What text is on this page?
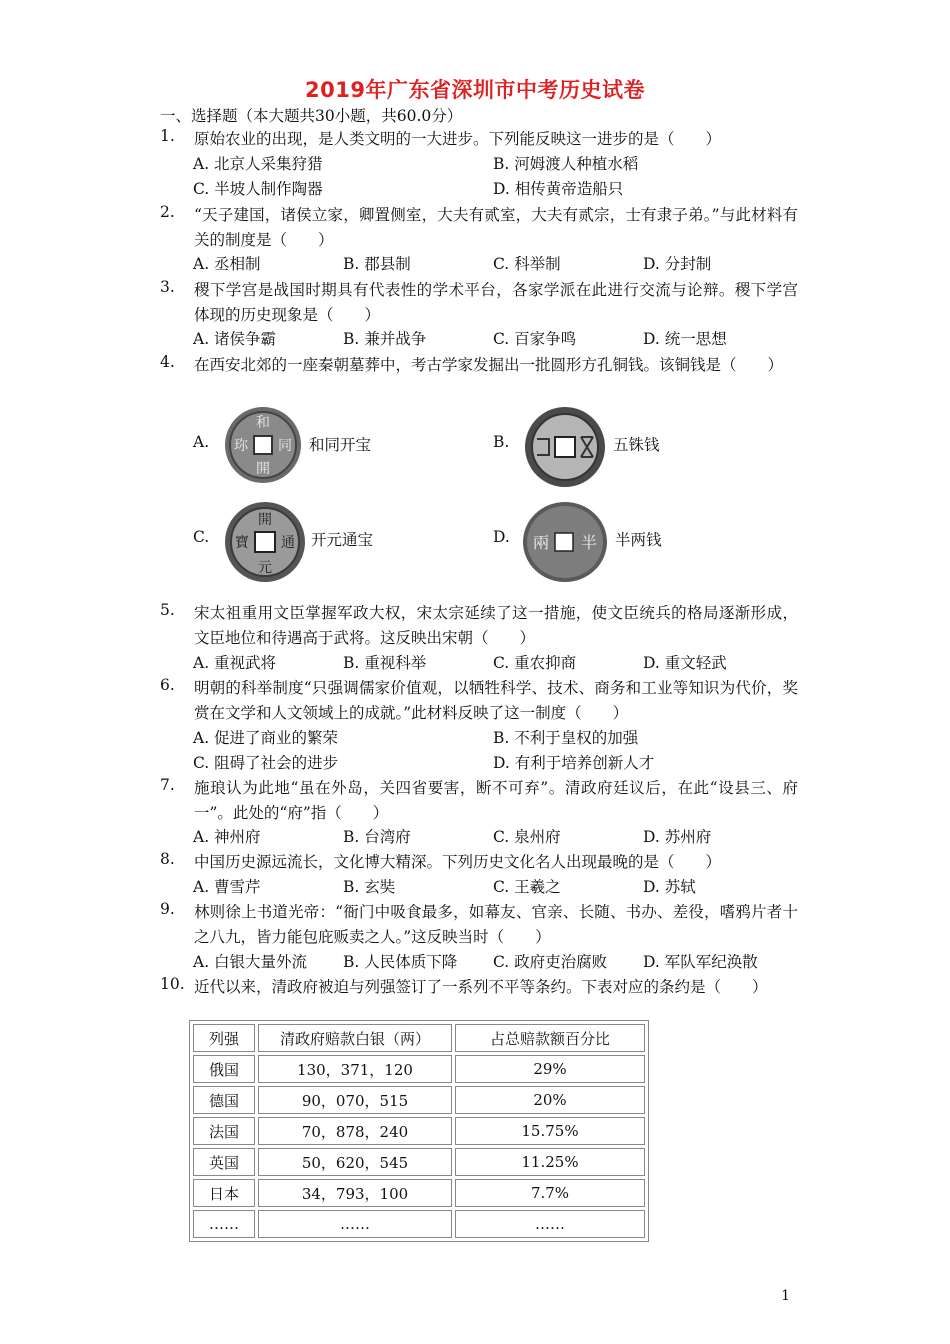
2019年广东省深圳市中考历史试卷
一、选择题（本大题共30小题，共60.0分）
1. 原始农业的出现，是人类文明的一大进步。下列能反映这一进步的是（　　）
A. 北京人采集狩猎	B. 河姆渡人种植水稻
C. 半坡人制作陶器	D. 相传黄帝造船只
2. “天子建国，诸侯立家，卿置侧室，大夫有贰室，大夫有贰宗，士有隶子弟。”与此材料有关的制度是（　　）
A. 丞相制	B. 郡县制	C. 科举制	D. 分封制
3. 稷下学宫是战国时期具有代表性的学术平台，各家学派在此进行交流与论辩。稷下学宫体现的历史现象是（　　）
A. 诸侯争霸	B. 兼并战争	C. 百家争鸣	D. 统一思想
4. 在西安北郊的一座秦朝墓葬中，考古学家发掘出一批圆形方孔铜钱。该铜钱是（　　）
A.
和
開
珎 同 和同开宝	B.	五铢钱
C.
開
元
寶 通 开元通宝	D. 兩 半 半两钱
5. 宋太祖重用文臣掌握军政大权，宋太宗延续了这一措施，使文臣统兵的格局逐渐形成，文臣地位和待遇高于武将。这反映出宋朝（　　）
A. 重视武将	B. 重视科举	C. 重农抑商	D. 重文轻武
6. 明朝的科举制度“只强调儒家价值观，以牺牲科学、技术、商务和工业等知识为代价，奖赏在文学和人文领域上的成就。”此材料反映了这一制度（　　）
A. 促进了商业的繁荣	B. 不利于皇权的加强
C. 阻碍了社会的进步	D. 有利于培养创新人才
7. 施琅认为此地“虽在外岛，关四省要害，断不可弃”。清政府廷议后，在此“设县三、府一”。此处的“府”指（　　）
A. 神州府	B. 台湾府	C. 泉州府	D. 苏州府
8. 中国历史源远流长，文化博大精深。下列历史文化名人出现最晚的是（　　）
A. 曹雪芹	B. 玄奘	C. 王羲之	D. 苏轼
9. 林则徐上书道光帝：“衙门中吸食最多，如幕友、官亲、长随、书办、差役，嗜鸦片者十之八九，皆力能包庇贩卖之人。”这反映当时（　　）
A. 白银大量外流 B. 人民体质下降 C. 政府吏治腐败 D. 军队军纪涣散
10. 近代以来，清政府被迫与列强签订了一系列不平等条约。下表对应的条约是（　　）
列强	清政府赔款白银（两）	占总赔款额百分比
俄国	130，371，120	29%
德国	90，070，515	20%
法国	70，878，240	15.75%
英国	50，620，545	11.25%
日本	34，793，100	7.7%
……	……	……
1
